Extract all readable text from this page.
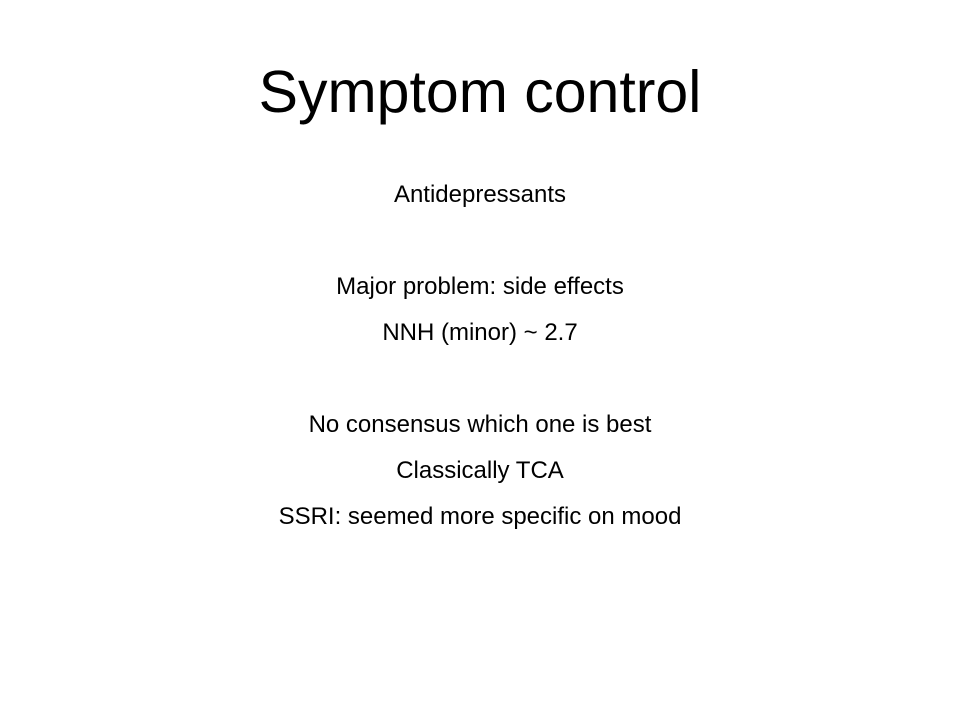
Symptom control
Antidepressants
Major problem: side effects
NNH (minor) ~ 2.7
No consensus which one is best
Classically TCA
SSRI: seemed more specific on mood
